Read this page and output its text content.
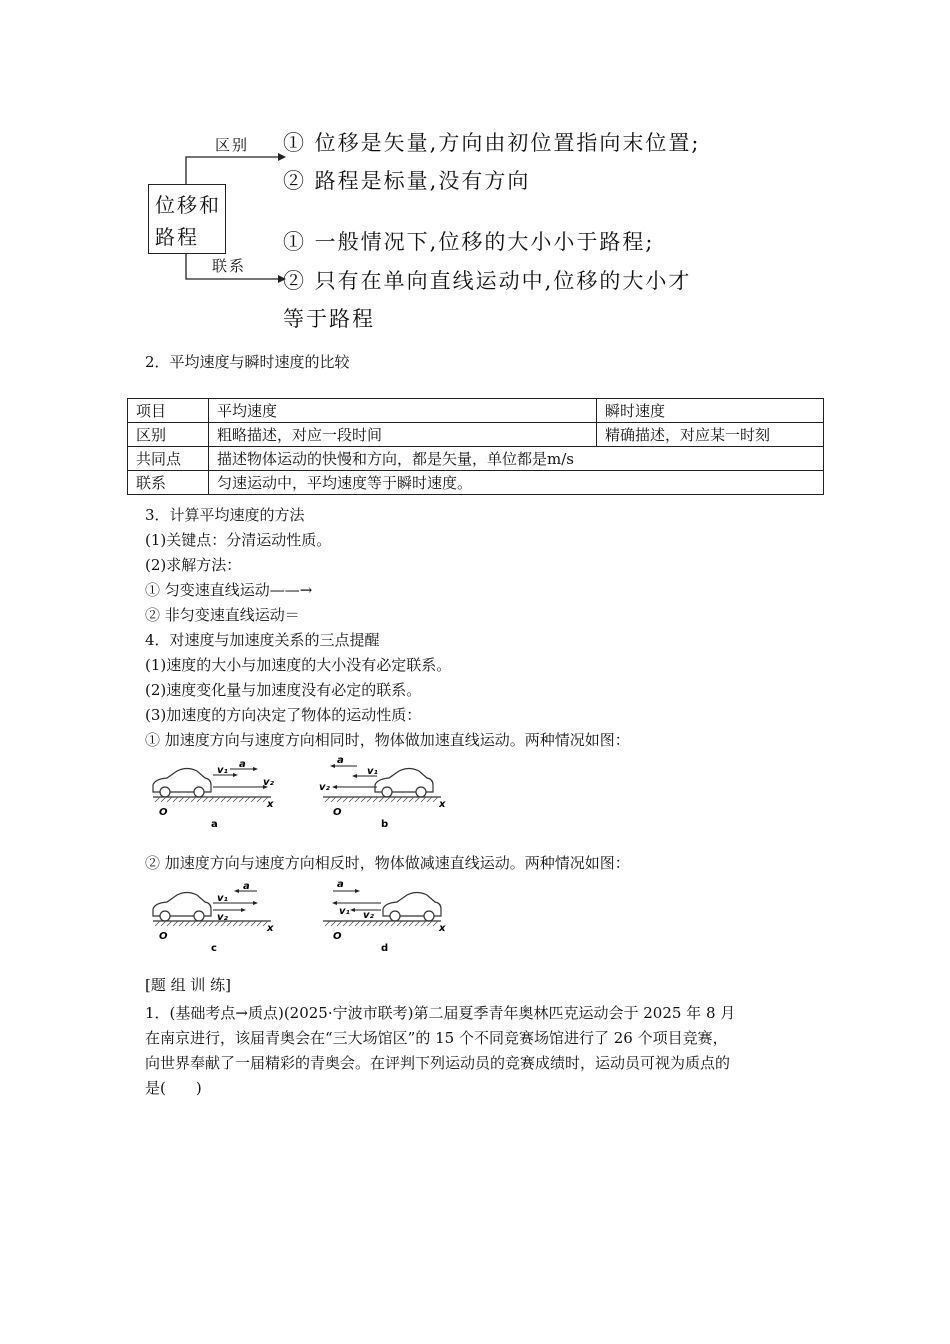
位移和
路程
区别
联系
① 位移是矢量,方向由初位置指向末位置;
② 路程是标量,没有方向
① 一般情况下,位移的大小小于路程;
② 只有在单向直线运动中,位移的大小才
等于路程
2．平均速度与瞬时速度的比较
项目	平均速度	瞬时速度
区别	粗略描述，对应一段时间	精确描述，对应某一时刻
共同点	描述物体运动的快慢和方向，都是矢量，单位都是m/s	
联系	匀速运动中，平均速度等于瞬时速度。	
3．计算平均速度的方法
(1)关键点：分清运动性质。
(2)求解方法：
① 匀变速直线运动——→
② 非匀变速直线运动＝
4．对速度与加速度关系的三点提醒
(1)速度的大小与加速度的大小没有必定联系。
(2)速度变化量与加速度没有必定的联系。
(3)加速度的方向决定了物体的运动性质：
① 加速度方向与速度方向相同时，物体做加速直线运动。两种情况如图：
v₁
a
v₂
O
x
a
a
v₁
v₂
O
x
b
② 加速度方向与速度方向相反时，物体做减速直线运动。两种情况如图：
a
v₁
v₂
O
x
c
a
v₁ v₂
O
x
d
[题 组 训 练]
1．(基础考点→质点)(2025·宁波市联考)第二届夏季青年奥林匹克运动会于 2025 年 8 月
在南京进行，该届青奥会在“三大场馆区”的 15 个不同竞赛场馆进行了 26 个项目竞赛，
向世界奉献了一届精彩的青奥会。在评判下列运动员的竞赛成绩时，运动员可视为质点的
是(　　)
